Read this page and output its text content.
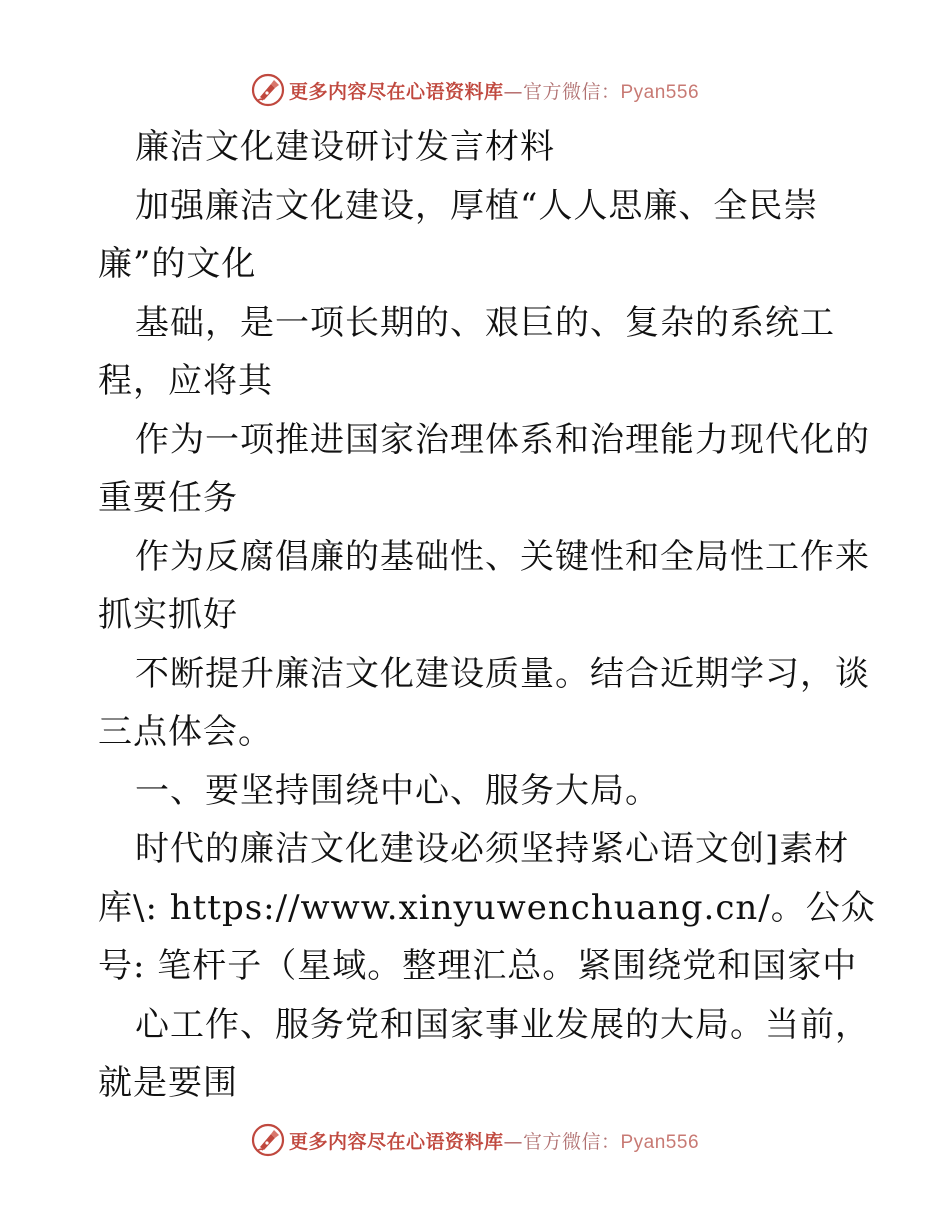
更多内容尽在心语资料库—官方微信：Pyan556
廉洁文化建设研讨发言材料
加强廉洁文化建设，厚植“人人思廉、全民崇
廉”的文化
基础，是一项长期的、艰巨的、复杂的系统工
程，应将其
作为一项推进国家治理体系和治理能力现代化的
重要任务
作为反腐倡廉的基础性、关键性和全局性工作来
抓实抓好
不断提升廉洁文化建设质量。结合近期学习，谈
三点体会。
一、要坚持围绕中心、服务大局。
时代的廉洁文化建设必须坚持紧心语文创]素材
库\: https://www.xinyuwenchuang.cn/。公众
号: 笔杆子（星域。整理汇总。紧围绕党和国家中
心工作、服务党和国家事业发展的大局。当前，
就是要围
更多内容尽在心语资料库—官方微信：Pyan556
